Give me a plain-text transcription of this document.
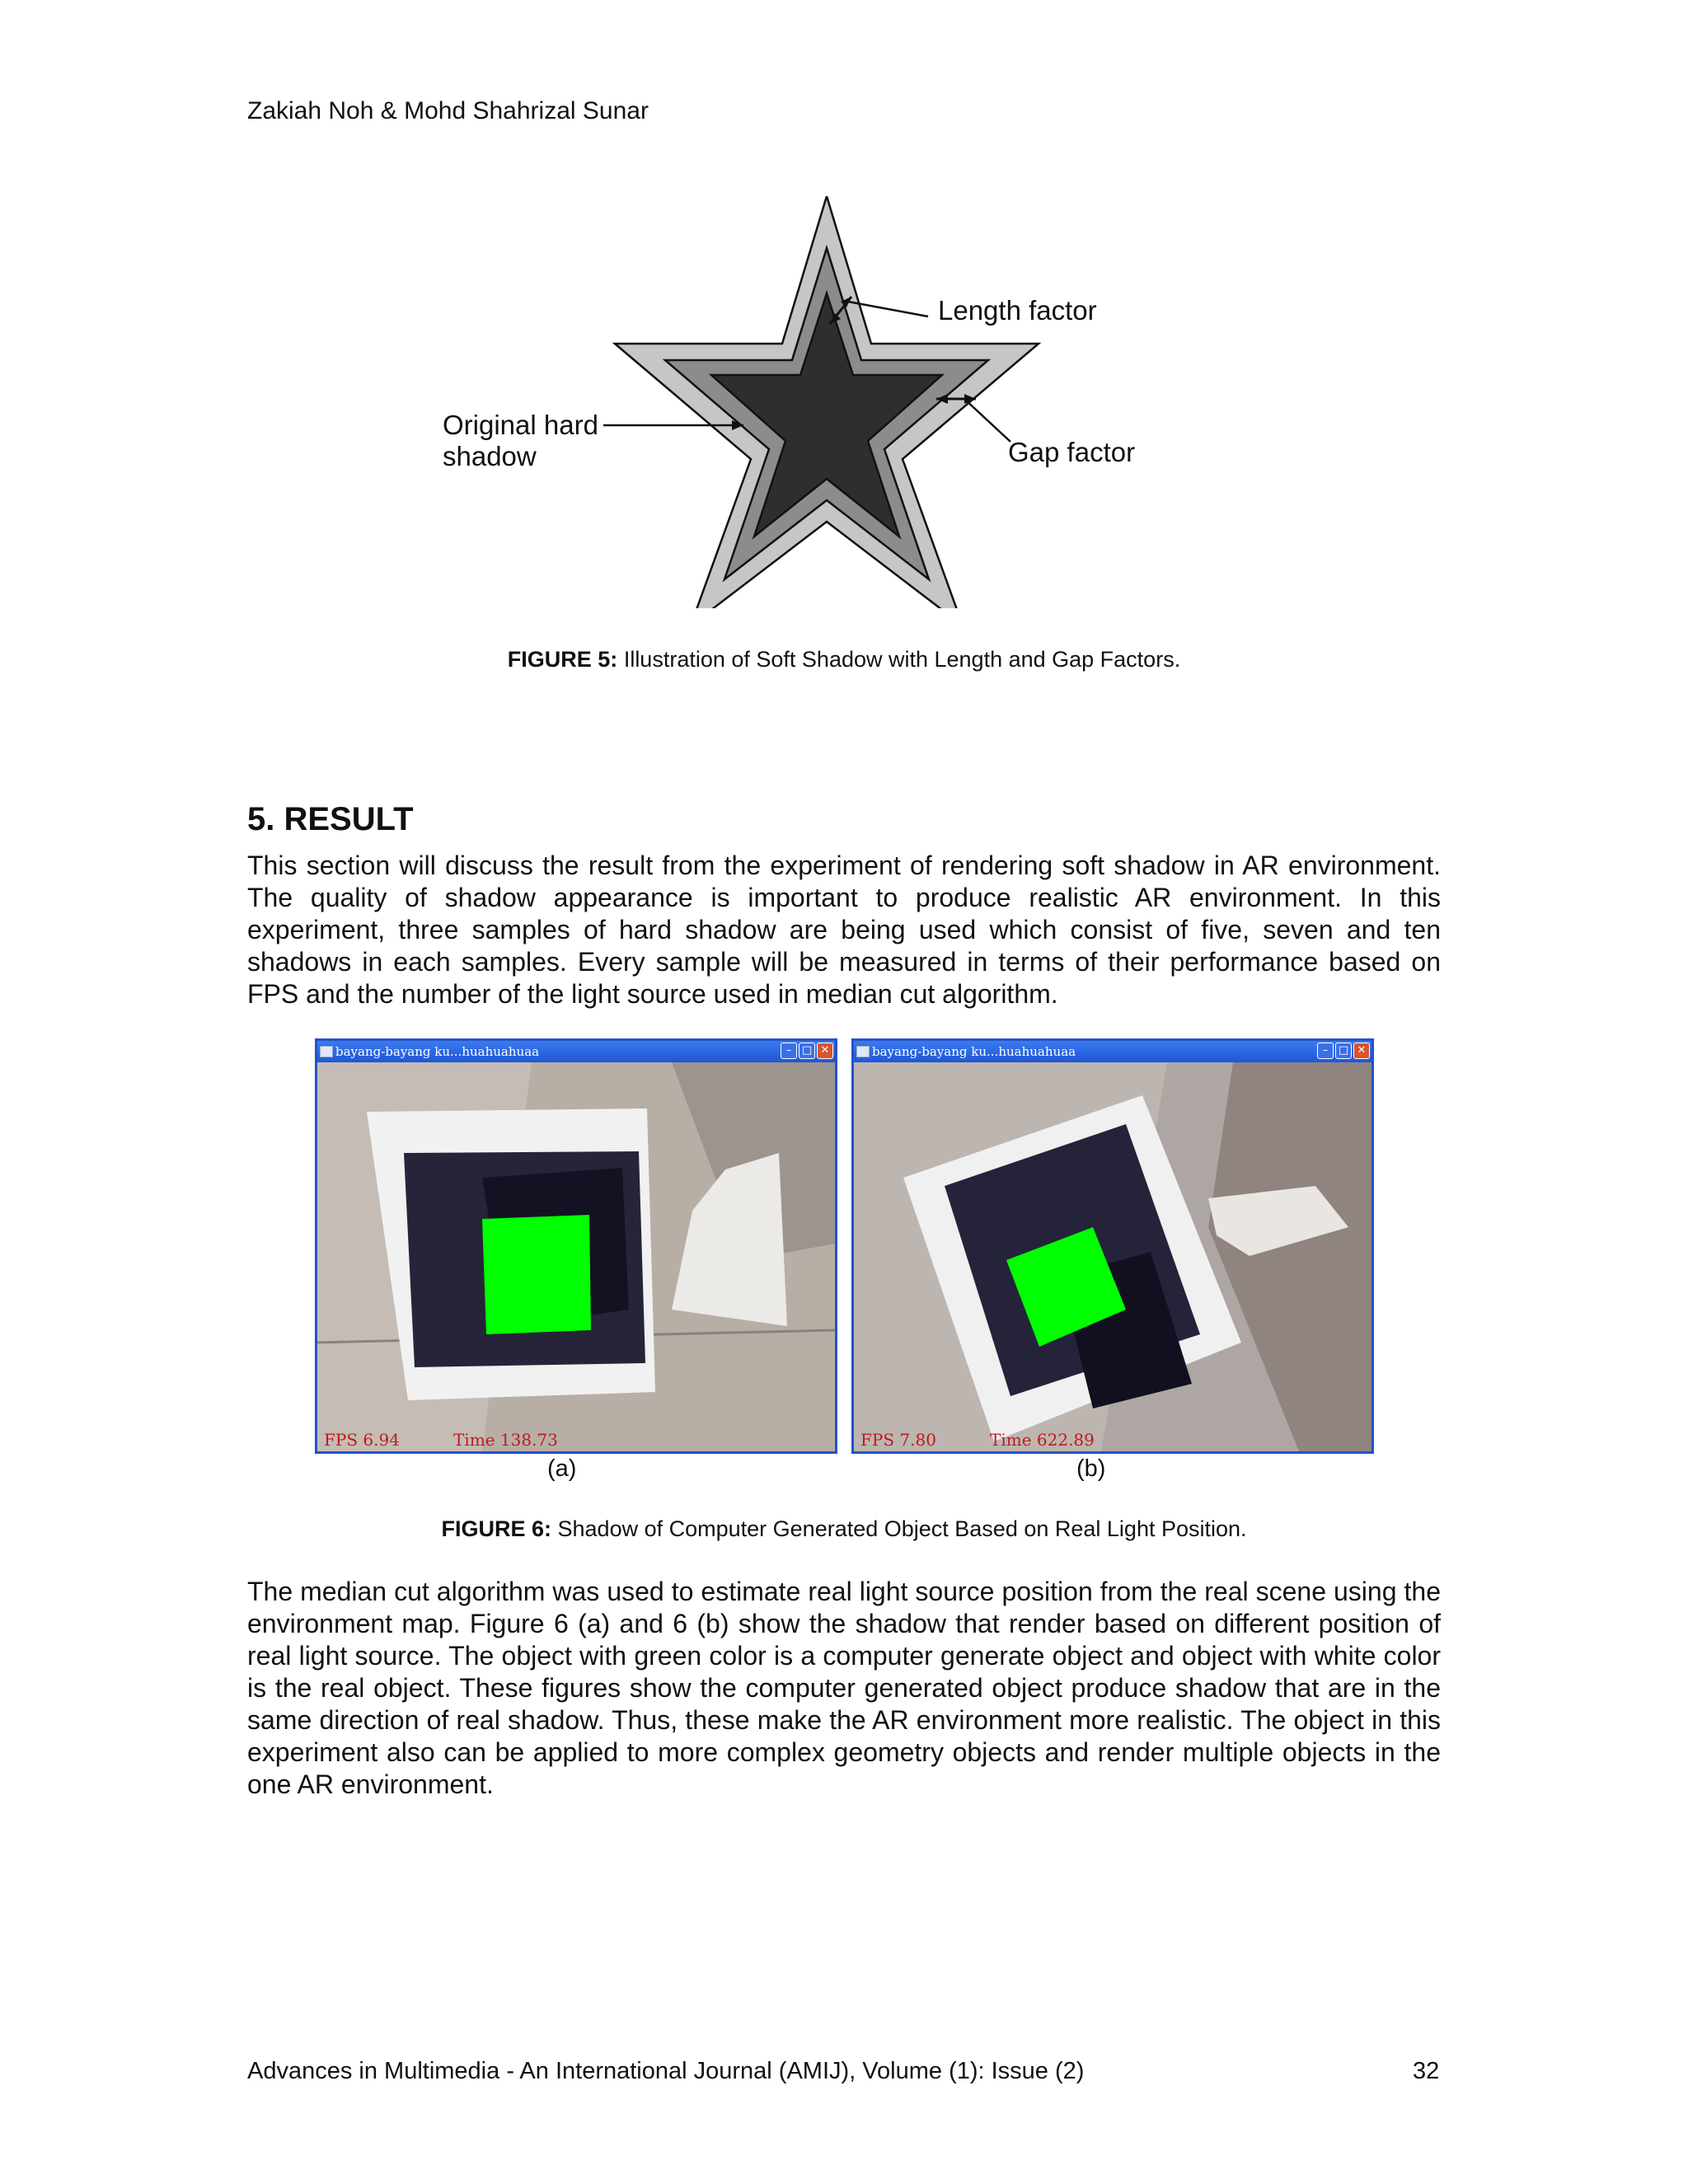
Zakiah Noh & Mohd Shahrizal Sunar
Length factor
Gap factor
Original hard
shadow
FIGURE 5: Illustration of Soft Shadow with Length and Gap Factors.
5. RESULT
This section will discuss the result from the experiment of rendering soft shadow in AR environment. The quality of shadow appearance is important to produce realistic AR environment. In this experiment, three samples of hard shadow are being used which consist of five, seven and ten shadows in each samples. Every sample will be measured in terms of their performance based on FPS and the number of the light source used in median cut algorithm.
bayang-bayang ku...huahuahuaa	– □ ✕
FPS 6.94	Time 138.73
bayang-bayang ku...huahuahuaa	– □ ✕
FPS 7.80	Time 622.89
(a)	(b)
FIGURE 6: Shadow of Computer Generated Object Based on Real Light Position.
The median cut algorithm was used to estimate real light source position from the real scene using the environment map. Figure 6 (a) and 6 (b) show the shadow that render based on different position of real light source. The object with green color is a computer generate object and object with white color is the real object. These figures show the computer generated object produce shadow that are in the same direction of real shadow. Thus, these make the AR environment more realistic. The object in this experiment also can be applied to more complex geometry objects and render multiple objects in the one AR environment.
Advances in Multimedia - An International Journal (AMIJ), Volume (1): Issue (2)	32
